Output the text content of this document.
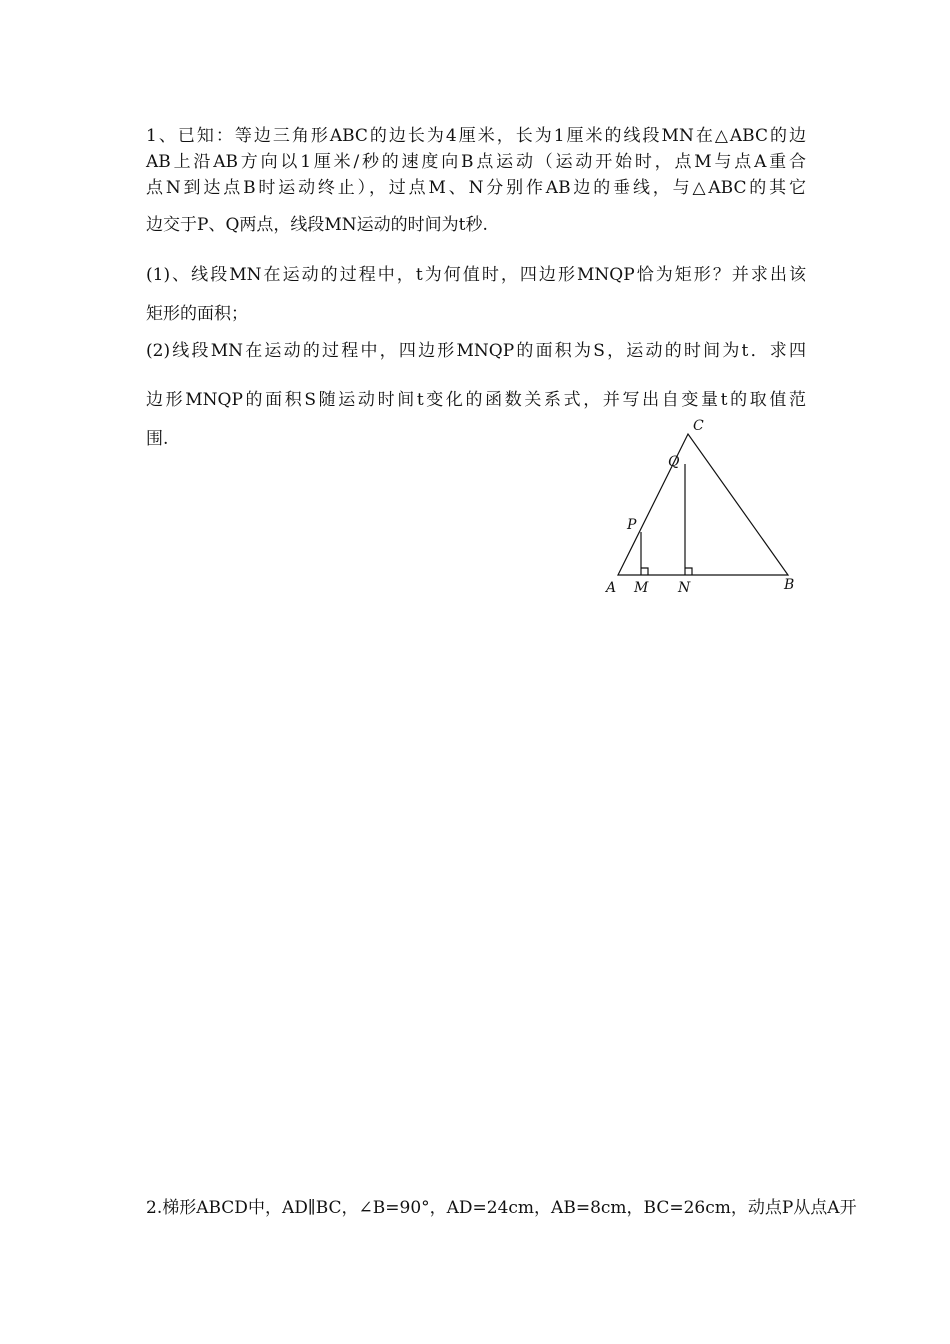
1、已知：等边三角形ABC的边长为4厘米，长为1厘米的线段MN在△ABC的边
AB上沿AB方向以1厘米/秒的速度向B点运动（运动开始时，点M与点A重合
点N到达点B时运动终止），过点M、N分别作AB边的垂线，与△ABC的其它
边交于P、Q两点，线段MN运动的时间为t秒.
(1)、线段MN在运动的过程中，t为何值时，四边形MNQP恰为矩形？并求出该
矩形的面积；
(2)线段MN在运动的过程中，四边形MNQP的面积为S，运动的时间为t．求四
边形MNQP的面积S随运动时间t变化的函数关系式，并写出自变量t的取值范
围.
C
Q
P
A M N	B
2.梯形ABCD中，AD∥BC，∠B=90°，AD=24cm，AB=8cm，BC=26cm，动点P从点A开
